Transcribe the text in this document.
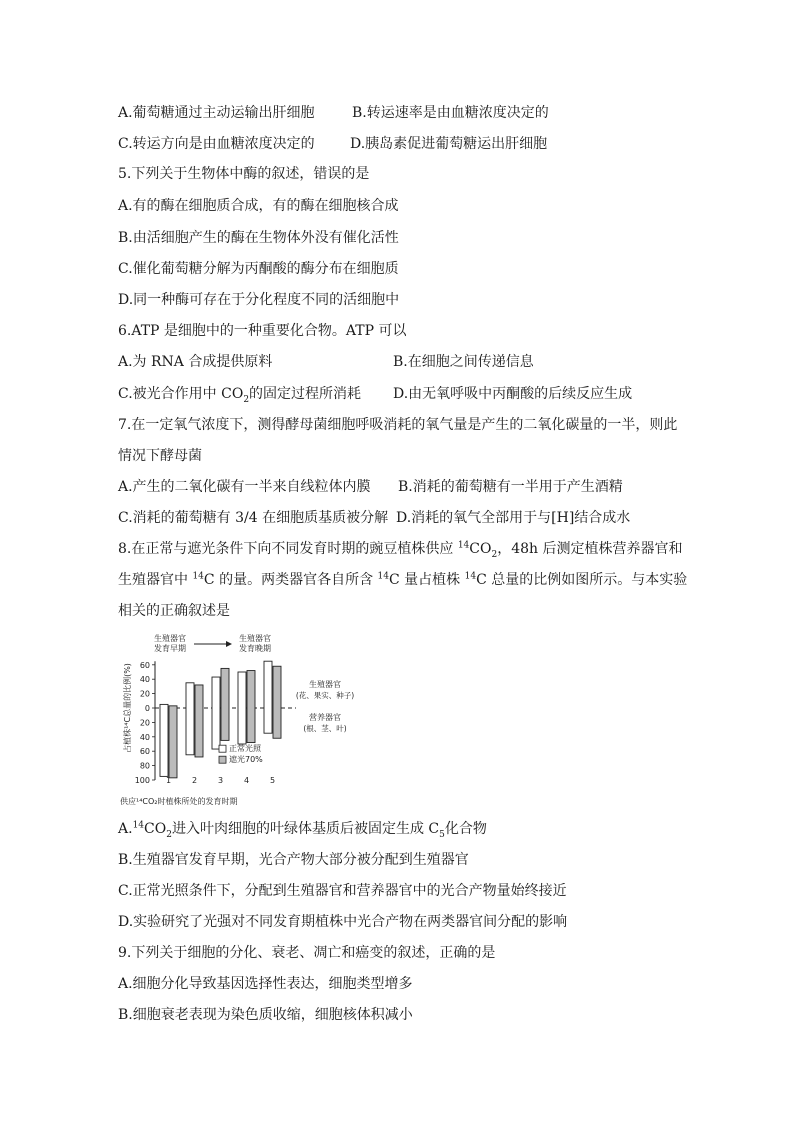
A.葡萄糖通过主动运输出肝细胞	B.转运速率是由血糖浓度决定的
C.转运方向是由血糖浓度决定的	D.胰岛素促进葡萄糖运出肝细胞
5.下列关于生物体中酶的叙述，错误的是
A.有的酶在细胞质合成，有的酶在细胞核合成
B.由活细胞产生的酶在生物体外没有催化活性
C.催化葡萄糖分解为丙酮酸的酶分布在细胞质
D.同一种酶可存在于分化程度不同的活细胞中
6.ATP 是细胞中的一种重要化合物。ATP 可以
A.为 RNA 合成提供原料	B.在细胞之间传递信息
C.被光合作用中 $CO_2$的固定过程所消耗 D.由无氧呼吸中丙酮酸的后续反应生成
7.在一定氧气浓度下，测得酵母菌细胞呼吸消耗的氧气量是产生的二氧化碳量的一半，则此
情况下酵母菌
A.产生的二氧化碳有一半来自线粒体内膜 B.消耗的葡萄糖有一半用于产生酒精
C.消耗的葡萄糖有 3/4 在细胞质基质被分解 D.消耗的氧气全部用于与[H]结合成水
8.在正常与遮光条件下向不同发育时期的豌豆植株供应 $^{14}CO_2$，48h 后测定植株营养器官和
生殖器官中 $^{14}$C 的量。两类器官各自所含 $^{14}$C 量占植株 $^{14}$C 总量的比例如图所示。与本实验
相关的正确叙述是
生殖器官
发育早期
生殖器官
发育晚期
60
40
20
0
20
40
60
80
100
占植株¹⁴C总量的比例(%)
1	2	3	4	5
生殖器官
(花、果实、种子)
营养器官
(根、茎、叶)
正常光照
遮光70%
供应¹⁴CO₂时植株所处的发育时期
$A.^{14}CO_2$进入叶肉细胞的叶绿体基质后被固定生成 $C_5$化合物
B.生殖器官发育早期，光合产物大部分被分配到生殖器官
C.正常光照条件下，分配到生殖器官和营养器官中的光合产物量始终接近
D.实验研究了光强对不同发育期植株中光合产物在两类器官间分配的影响
9.下列关于细胞的分化、衰老、凋亡和癌变的叙述，正确的是
A.细胞分化导致基因选择性表达，细胞类型增多
B.细胞衰老表现为染色质收缩，细胞核体积减小
